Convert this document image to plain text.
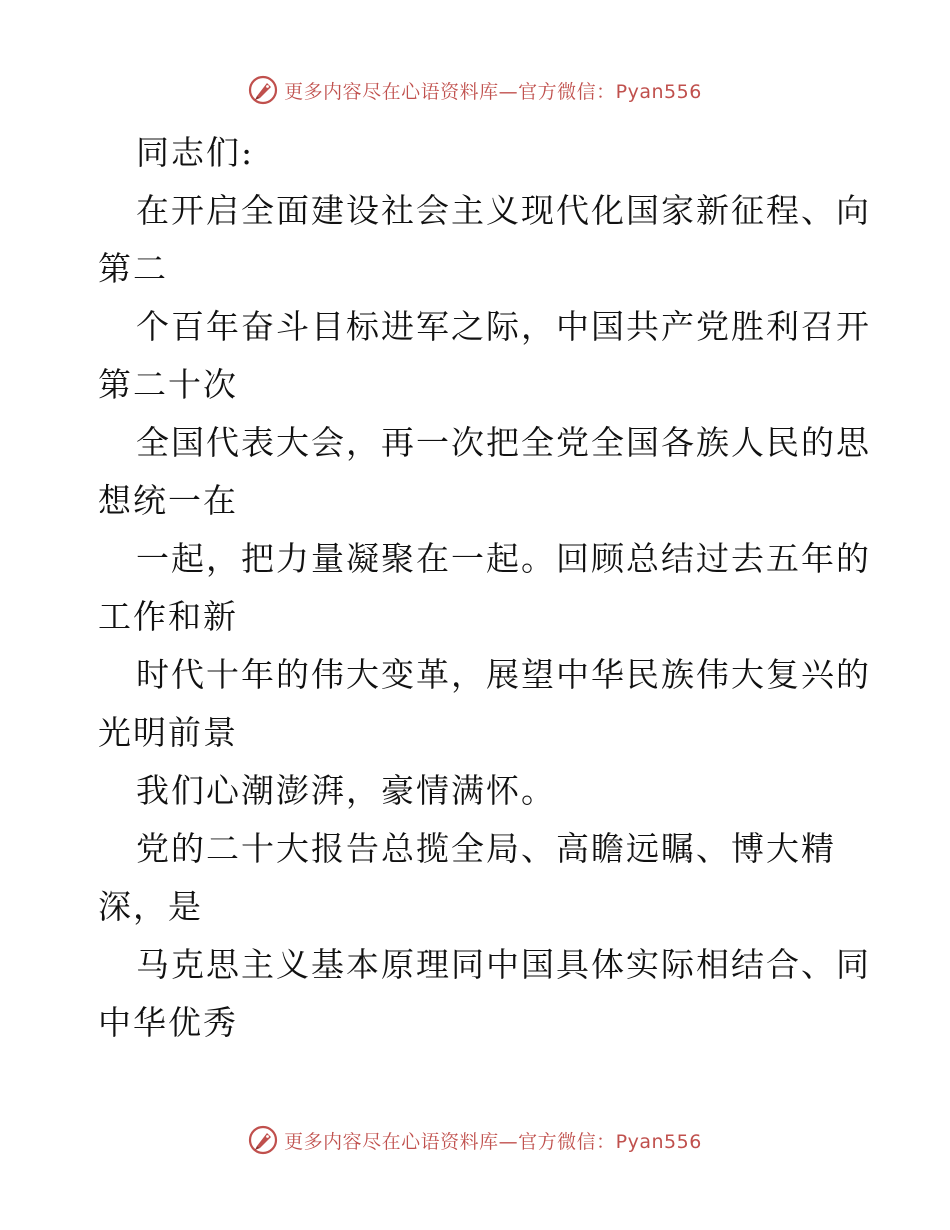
更多内容尽在心语资料库—官方微信：Pyan556
同志们:
在开启全面建设社会主义现代化国家新征程、向
第二
个百年奋斗目标进军之际，中国共产党胜利召开
第二十次
全国代表大会，再一次把全党全国各族人民的思
想统一在
一起，把力量凝聚在一起。回顾总结过去五年的
工作和新
时代十年的伟大变革，展望中华民族伟大复兴的
光明前景
我们心潮澎湃，豪情满怀。
党的二十大报告总揽全局、高瞻远瞩、博大精
深，是
马克思主义基本原理同中国具体实际相结合、同
中华优秀
更多内容尽在心语资料库—官方微信：Pyan556
